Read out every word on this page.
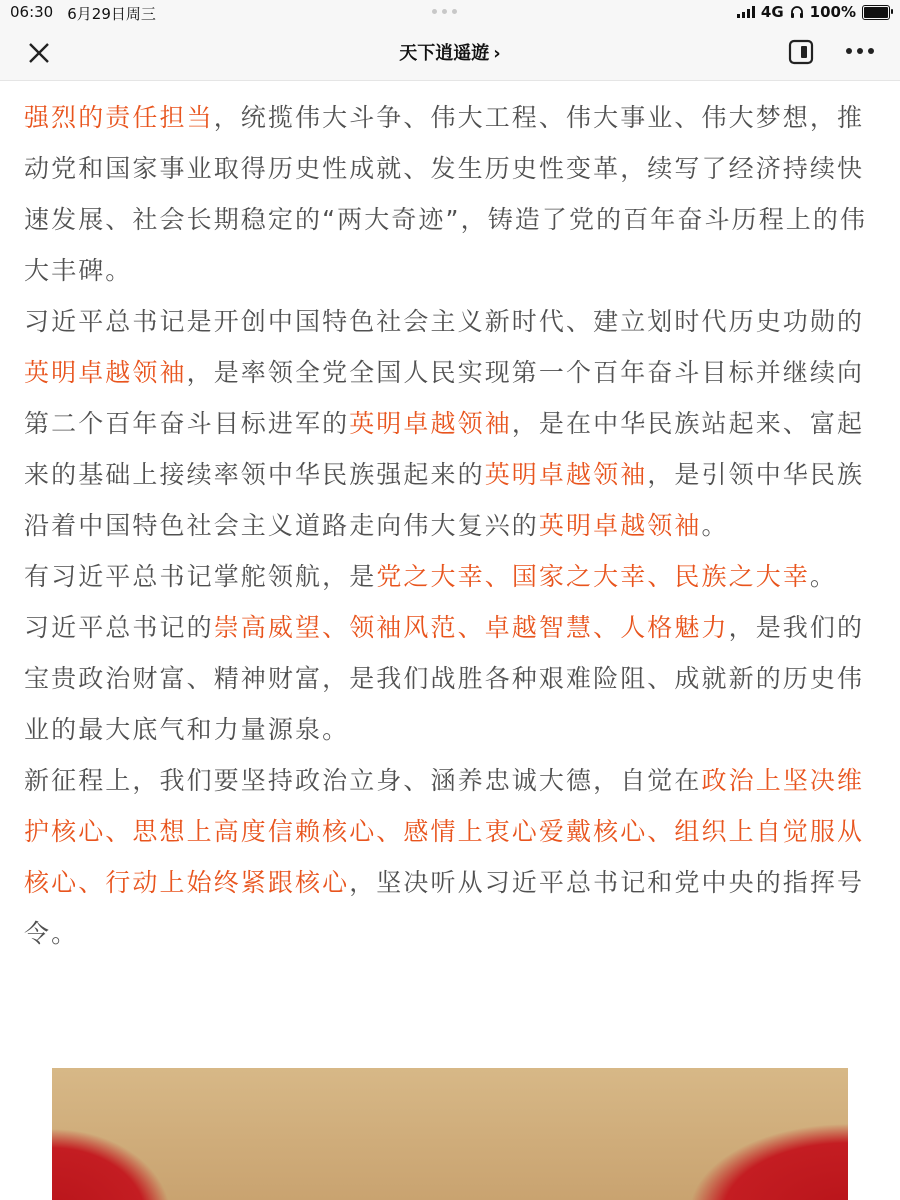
06:30 6月29日周三	4G 100%
天下逍遥遊 ›

强烈的责任担当，统揽伟大斗争、伟大工程、伟大事业、伟大梦想，推动党和国家事业取得历史性成就、发生历史性变革，续写了经济持续快速发展、社会长期稳定的“两大奇迹”，铸造了党的百年奋斗历程上的伟大丰碑。

习近平总书记是开创中国特色社会主义新时代、建立划时代历史功勋的英明卓越领袖，是率领全党全国人民实现第一个百年奋斗目标并继续向第二个百年奋斗目标进军的英明卓越领袖，是在中华民族站起来、富起来的基础上接续率领中华民族强起来的英明卓越领袖，是引领中华民族沿着中国特色社会主义道路走向伟大复兴的英明卓越领袖。

有习近平总书记掌舵领航，是党之大幸、国家之大幸、民族之大幸。

习近平总书记的崇高威望、领袖风范、卓越智慧、人格魅力，是我们的宝贵政治财富、精神财富，是我们战胜各种艰难险阻、成就新的历史伟业的最大底气和力量源泉。

新征程上，我们要坚持政治立身、涵养忠诚大德，自觉在政治上坚决维护核心、思想上高度信赖核心、感情上衷心爱戴核心、组织上自觉服从核心、行动上始终紧跟核心，坚决听从习近平总书记和党中央的指挥号令。
